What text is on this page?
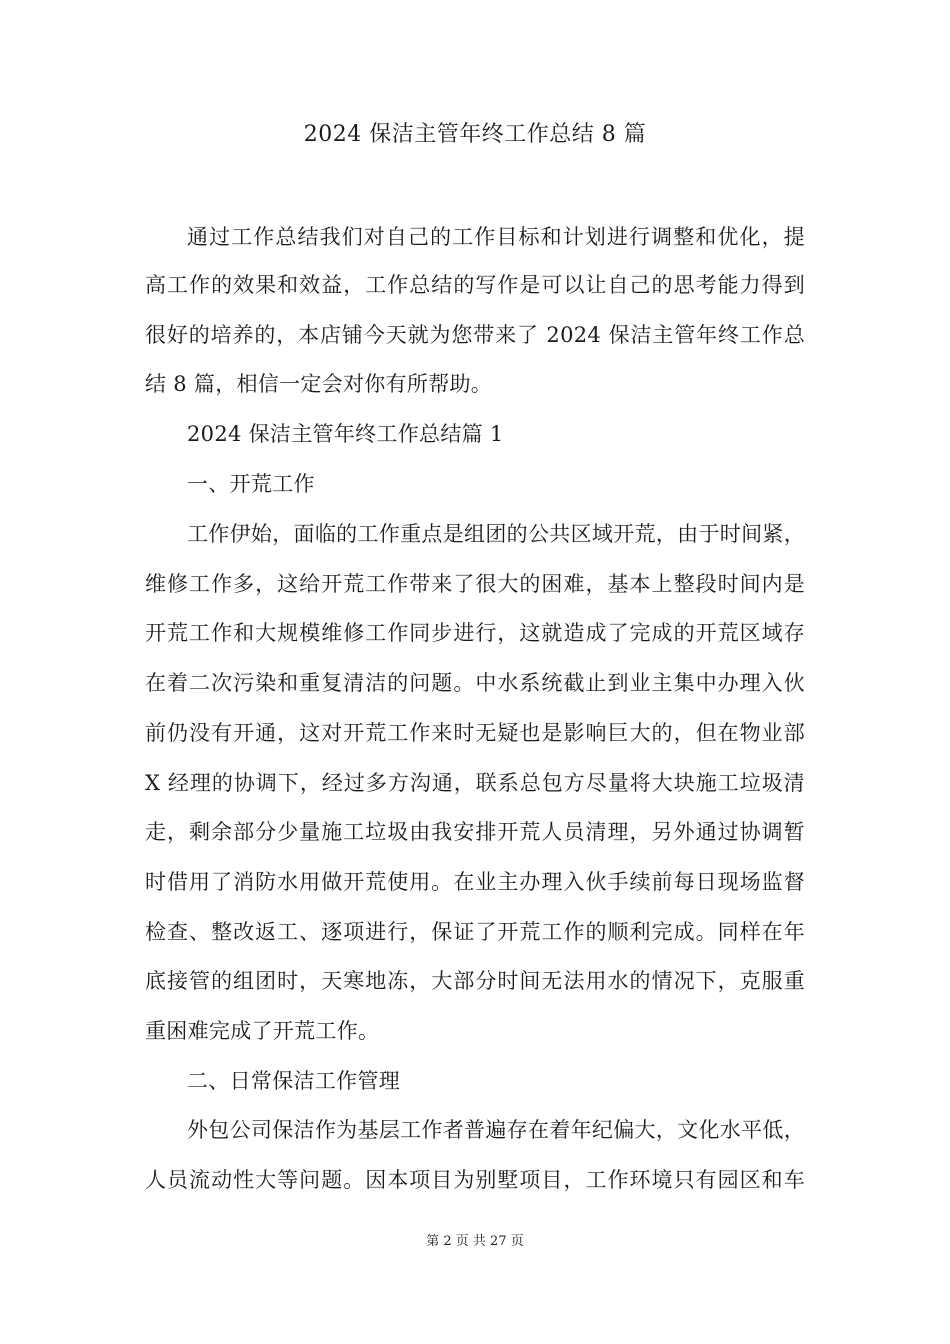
2024 保洁主管年终工作总结 8 篇
通过工作总结我们对自己的工作目标和计划进行调整和优化，提
高工作的效果和效益，工作总结的写作是可以让自己的思考能力得到
很好的培养的，本店铺今天就为您带来了 2024 保洁主管年终工作总
结 8 篇，相信一定会对你有所帮助。
2024 保洁主管年终工作总结篇 1
一、开荒工作
工作伊始，面临的工作重点是组团的公共区域开荒，由于时间紧，
维修工作多，这给开荒工作带来了很大的困难，基本上整段时间内是
开荒工作和大规模维修工作同步进行，这就造成了完成的开荒区域存
在着二次污染和重复清洁的问题。中水系统截止到业主集中办理入伙
前仍没有开通，这对开荒工作来时无疑也是影响巨大的，但在物业部
X 经理的协调下，经过多方沟通，联系总包方尽量将大块施工垃圾清
走，剩余部分少量施工垃圾由我安排开荒人员清理，另外通过协调暂
时借用了消防水用做开荒使用。在业主办理入伙手续前每日现场监督
检查、整改返工、逐项进行，保证了开荒工作的顺利完成。同样在年
底接管的组团时，天寒地冻，大部分时间无法用水的情况下，克服重
重困难完成了开荒工作。
二、日常保洁工作管理
外包公司保洁作为基层工作者普遍存在着年纪偏大，文化水平低，
人员流动性大等问题。因本项目为别墅项目，工作环境只有园区和车
第 2 页 共 27 页
